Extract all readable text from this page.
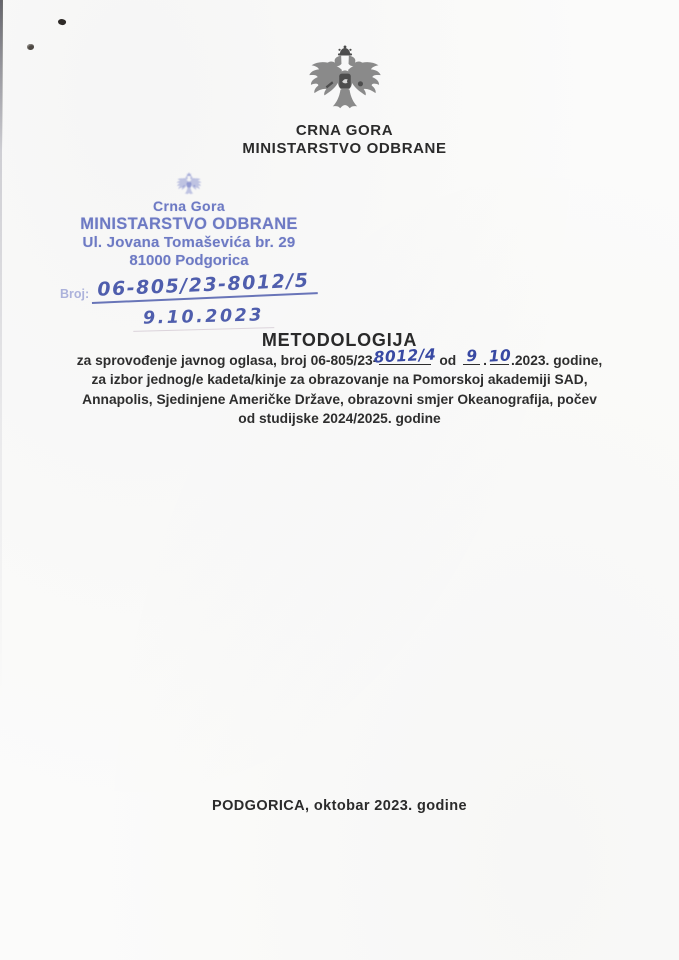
CRNA GORA
MINISTARSTVO ODBRANE
Crna Gora
MINISTARSTVO ODBRANE
Ul. Jovana Tomaševića br. 29
81000 Podgorica
Broj: 06-805/23-8012/5
9.10.2023
METODOLOGIJA
za sprovođenje javnog oglasa, broj 06-805/23-
8012/4 od 9 . 10 .2023. godine,
za izbor jednog/e kadeta/kinje za obrazovanje na Pomorskoj akademiji SAD,
Annapolis, Sjedinjene Američke Države, obrazovni smjer Okeanografija, počev
od studijske 2024/2025. godine
PODGORICA, oktobar 2023. godine
